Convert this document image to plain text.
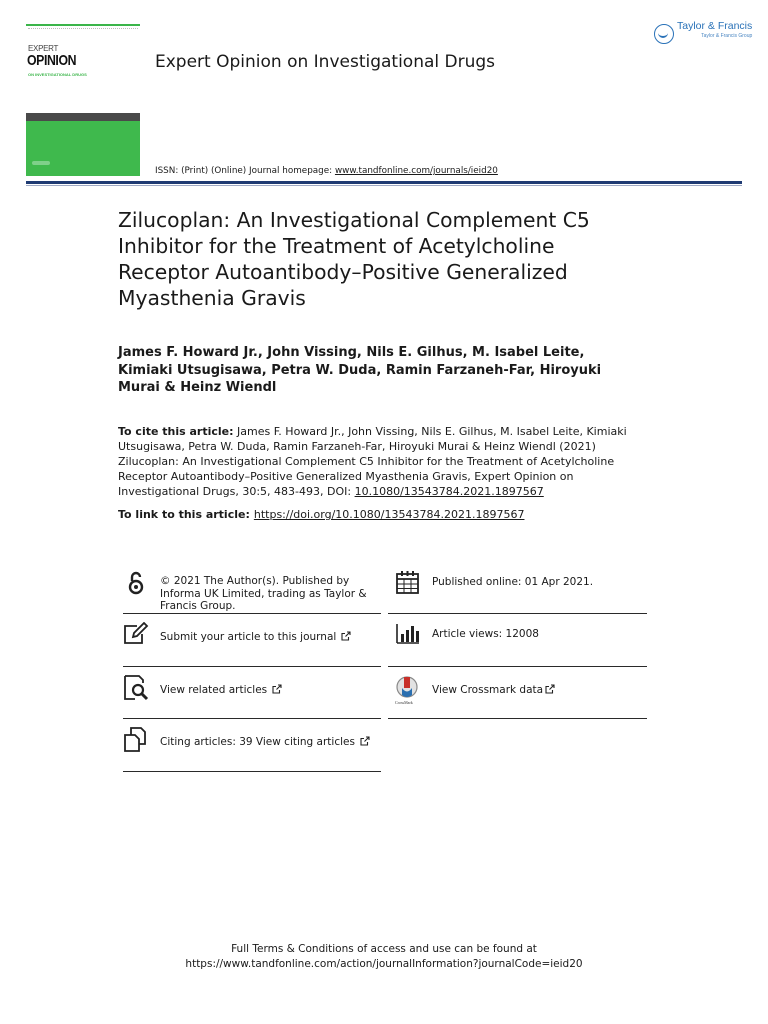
EXPERT
OPINION
ON INVESTIGATIONAL DRUGS
Expert Opinion on Investigational Drugs
Taylor & Francis
Taylor & Francis Group
ISSN: (Print) (Online) Journal homepage: www.tandfonline.com/journals/ieid20
Zilucoplan: An Investigational Complement C5 Inhibitor for the Treatment of Acetylcholine Receptor Autoantibody–Positive Generalized Myasthenia Gravis
James F. Howard Jr., John Vissing, Nils E. Gilhus, M. Isabel Leite, Kimiaki Utsugisawa, Petra W. Duda, Ramin Farzaneh-Far, Hiroyuki Murai & Heinz Wiendl
To cite this article: James F. Howard Jr., John Vissing, Nils E. Gilhus, M. Isabel Leite, Kimiaki Utsugisawa, Petra W. Duda, Ramin Farzaneh-Far, Hiroyuki Murai & Heinz Wiendl (2021) Zilucoplan: An Investigational Complement C5 Inhibitor for the Treatment of Acetylcholine Receptor Autoantibody–Positive Generalized Myasthenia Gravis, Expert Opinion on Investigational Drugs, 30:5, 483-493, DOI: 10.1080/13543784.2021.1897567
To link to this article: https://doi.org/10.1080/13543784.2021.1897567
© 2021 The Author(s). Published by Informa UK Limited, trading as Taylor & Francis Group.
Published online: 01 Apr 2021.
Submit your article to this journal	Article views: 12008
View related articles
CrossMark
View Crossmark data
Citing articles: 39 View citing articles
Full Terms & Conditions of access and use can be found at
https://www.tandfonline.com/action/journalInformation?journalCode=ieid20
